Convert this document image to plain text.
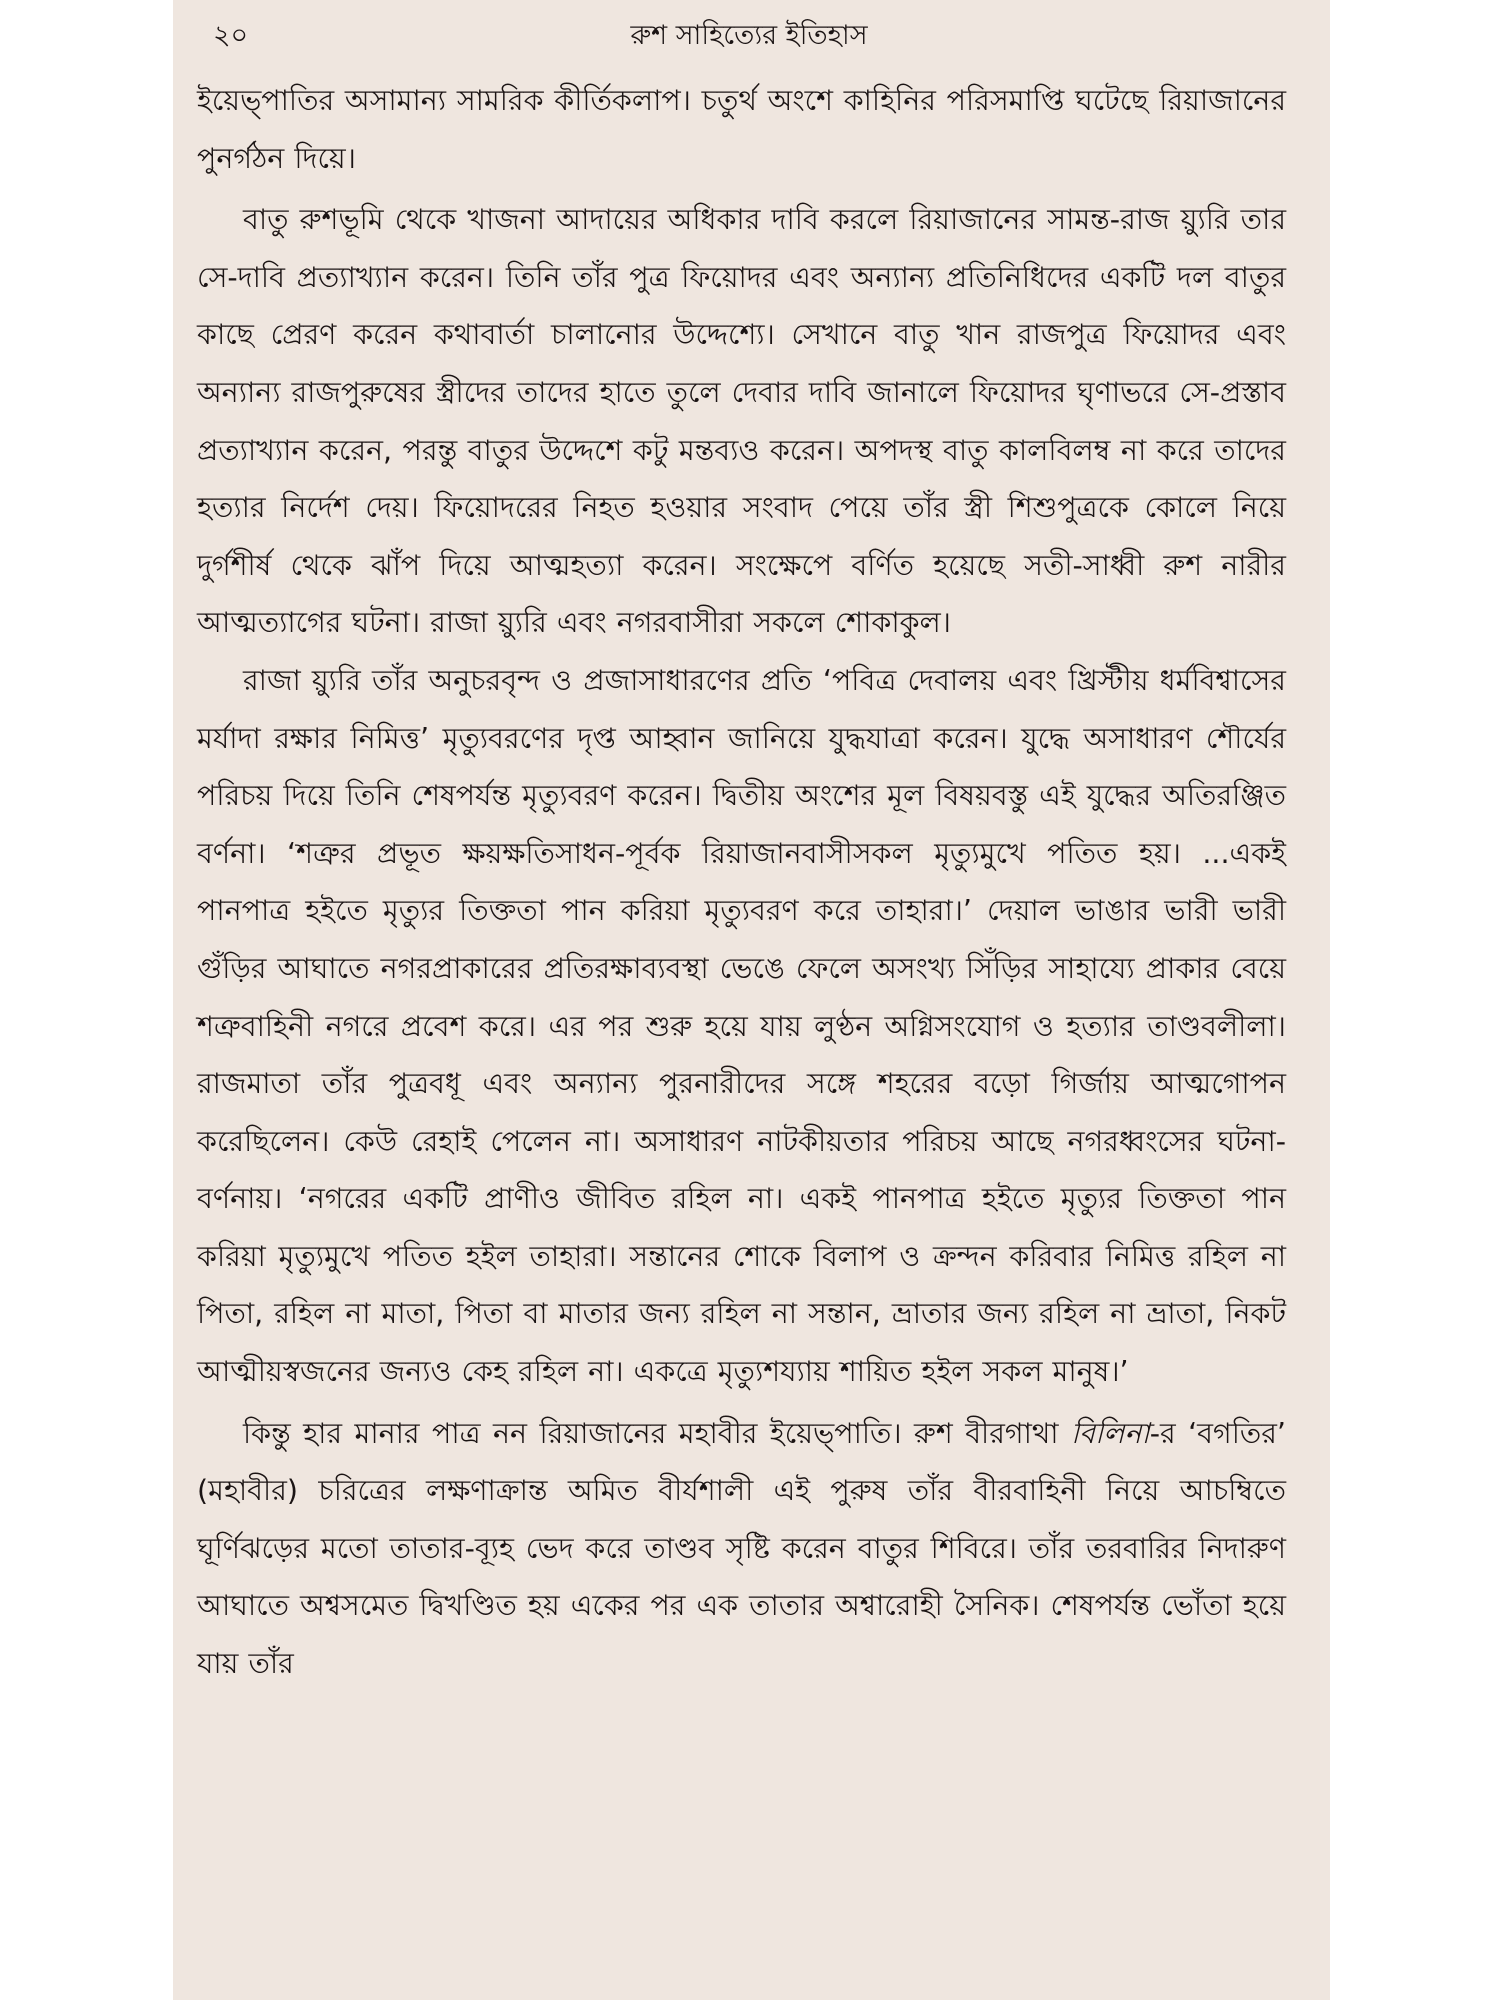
২০	রুশ সাহিত্যের ইতিহাস

ইয়েভ্‌পাতির অসামান্য সামরিক কীর্তিকলাপ। চতুর্থ অংশে কাহিনির পরিসমাপ্তি ঘটেছে রিয়াজানের পুনর্গঠন দিয়ে।

বাতু রুশভূমি থেকে খাজনা আদায়ের অধিকার দাবি করলে রিয়াজানের সামন্ত-রাজ য়্যুরি তার সে-দাবি প্রত্যাখ্যান করেন। তিনি তাঁর পুত্র ফিয়োদর এবং অন্যান্য প্রতিনিধিদের একটি দল বাতুর কাছে প্রেরণ করেন কথাবার্তা চালানোর উদ্দেশ্যে। সেখানে বাতু খান রাজপুত্র ফিয়োদর এবং অন্যান্য রাজপুরুষের স্ত্রীদের তাদের হাতে তুলে দেবার দাবি জানালে ফিয়োদর ঘৃণাভরে সে-প্রস্তাব প্রত্যাখ্যান করেন, পরন্তু বাতুর উদ্দেশে কটু মন্তব্যও করেন। অপদস্থ বাতু কালবিলম্ব না করে তাদের হত্যার নির্দেশ দেয়। ফিয়োদরের নিহত হওয়ার সংবাদ পেয়ে তাঁর স্ত্রী শিশুপুত্রকে কোলে নিয়ে দুর্গশীর্ষ থেকে ঝাঁপ দিয়ে আত্মহত্যা করেন। সংক্ষেপে বর্ণিত হয়েছে সতী-সাধ্বী রুশ নারীর আত্মত্যাগের ঘটনা। রাজা য়্যুরি এবং নগরবাসীরা সকলে শোকাকুল।

রাজা য়্যুরি তাঁর অনুচরবৃন্দ ও প্রজাসাধারণের প্রতি ‘পবিত্র দেবালয় এবং খ্রিস্টীয় ধর্মবিশ্বাসের মর্যাদা রক্ষার নিমিত্ত’ মৃত্যুবরণের দৃপ্ত আহ্বান জানিয়ে যুদ্ধযাত্রা করেন। যুদ্ধে অসাধারণ শৌর্যের পরিচয় দিয়ে তিনি শেষপর্যন্ত মৃত্যুবরণ করেন। দ্বিতীয় অংশের মূল বিষয়বস্তু এই যুদ্ধের অতিরঞ্জিত বর্ণনা। ‘শত্রুর প্রভূত ক্ষয়ক্ষতিসাধন-পূর্বক রিয়াজানবাসীসকল মৃত্যুমুখে পতিত হয়। ...একই পানপাত্র হইতে মৃত্যুর তিক্ততা পান করিয়া মৃত্যুবরণ করে তাহারা।’ দেয়াল ভাঙার ভারী ভারী গুঁড়ির আঘাতে নগরপ্রাকারের প্রতিরক্ষাব্যবস্থা ভেঙে ফেলে অসংখ্য সিঁড়ির সাহায্যে প্রাকার বেয়ে শত্রুবাহিনী নগরে প্রবেশ করে। এর পর শুরু হয়ে যায় লুণ্ঠন অগ্নিসংযোগ ও হত্যার তাণ্ডবলীলা। রাজমাতা তাঁর পুত্রবধূ এবং অন্যান্য পুরনারীদের সঙ্গে শহরের বড়ো গির্জায় আত্মগোপন করেছিলেন। কেউ রেহাই পেলেন না। অসাধারণ নাটকীয়তার পরিচয় আছে নগরধ্বংসের ঘটনা-বর্ণনায়। ‘নগরের একটি প্রাণীও জীবিত রহিল না। একই পানপাত্র হইতে মৃত্যুর তিক্ততা পান করিয়া মৃত্যুমুখে পতিত হইল তাহারা। সন্তানের শোকে বিলাপ ও ক্রন্দন করিবার নিমিত্ত রহিল না পিতা, রহিল না মাতা, পিতা বা মাতার জন্য রহিল না সন্তান, ভ্রাতার জন্য রহিল না ভ্রাতা, নিকট আত্মীয়স্বজনের জন্যও কেহ রহিল না। একত্রে মৃত্যুশয্যায় শায়িত হইল সকল মানুষ।’

কিন্তু হার মানার পাত্র নন রিয়াজানের মহাবীর ইয়েভ্‌পাতি। রুশ বীরগাথা বিলিনা-র ‘বগতির’ (মহাবীর) চরিত্রের লক্ষণাক্রান্ত অমিত বীর্যশালী এই পুরুষ তাঁর বীরবাহিনী নিয়ে আচম্বিতে ঘূর্ণিঝড়ের মতো তাতার-ব্যূহ ভেদ করে তাণ্ডব সৃষ্টি করেন বাতুর শিবিরে। তাঁর তরবারির নিদারুণ আঘাতে অশ্বসমেত দ্বিখণ্ডিত হয় একের পর এক তাতার অশ্বারোহী সৈনিক। শেষপর্যন্ত ভোঁতা হয়ে যায় তাঁর
